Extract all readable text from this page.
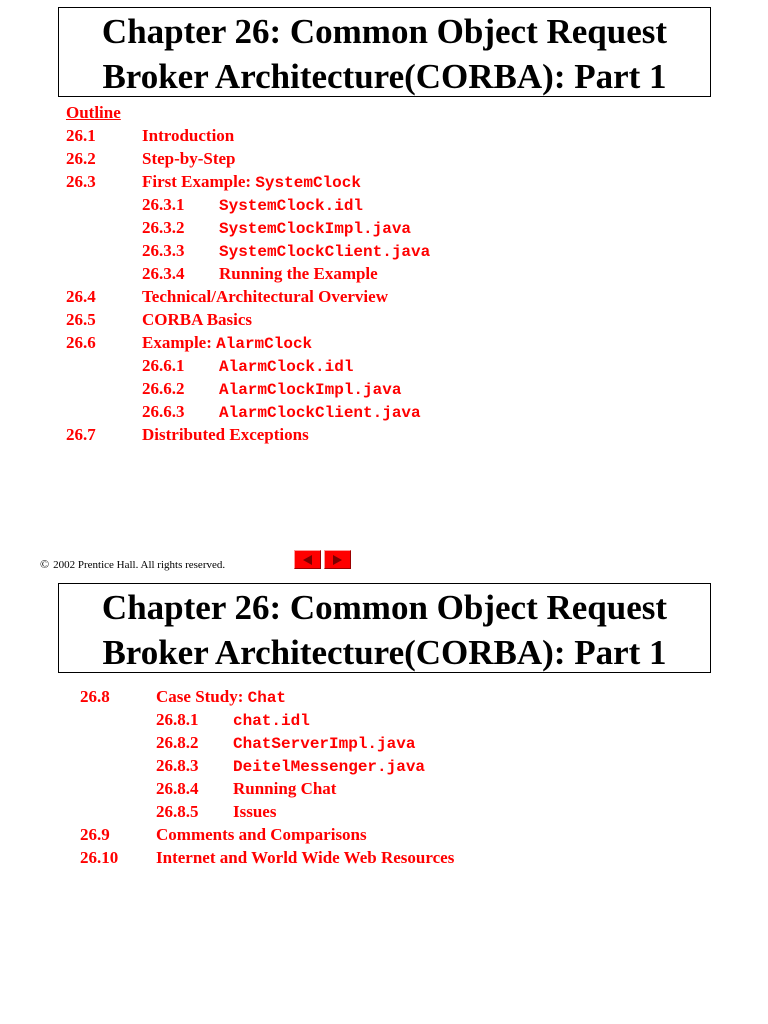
Chapter 26: Common Object Request
Broker Architecture(CORBA): Part 1
Outline
26.1	Introduction
26.2	Step-by-Step
26.3	First Example: SystemClock
26.3.1 SystemClock.idl
26.3.2 SystemClockImpl.java
26.3.3 SystemClockClient.java
26.3.4 Running the Example
26.4	Technical/Architectural Overview
26.5	CORBA Basics
26.6	Example: AlarmClock
26.6.1 AlarmClock.idl
26.6.2 AlarmClockImpl.java
26.6.3 AlarmClockClient.java
26.7	Distributed Exceptions
© 2002 Prentice Hall. All rights reserved.
Chapter 26: Common Object Request
Broker Architecture(CORBA): Part 1
26.8	Case Study: Chat
26.8.1 chat.idl
26.8.2 ChatServerImpl.java
26.8.3 DeitelMessenger.java
26.8.4 Running Chat
26.8.5 Issues
26.9	Comments and Comparisons
26.10 Internet and World Wide Web Resources
